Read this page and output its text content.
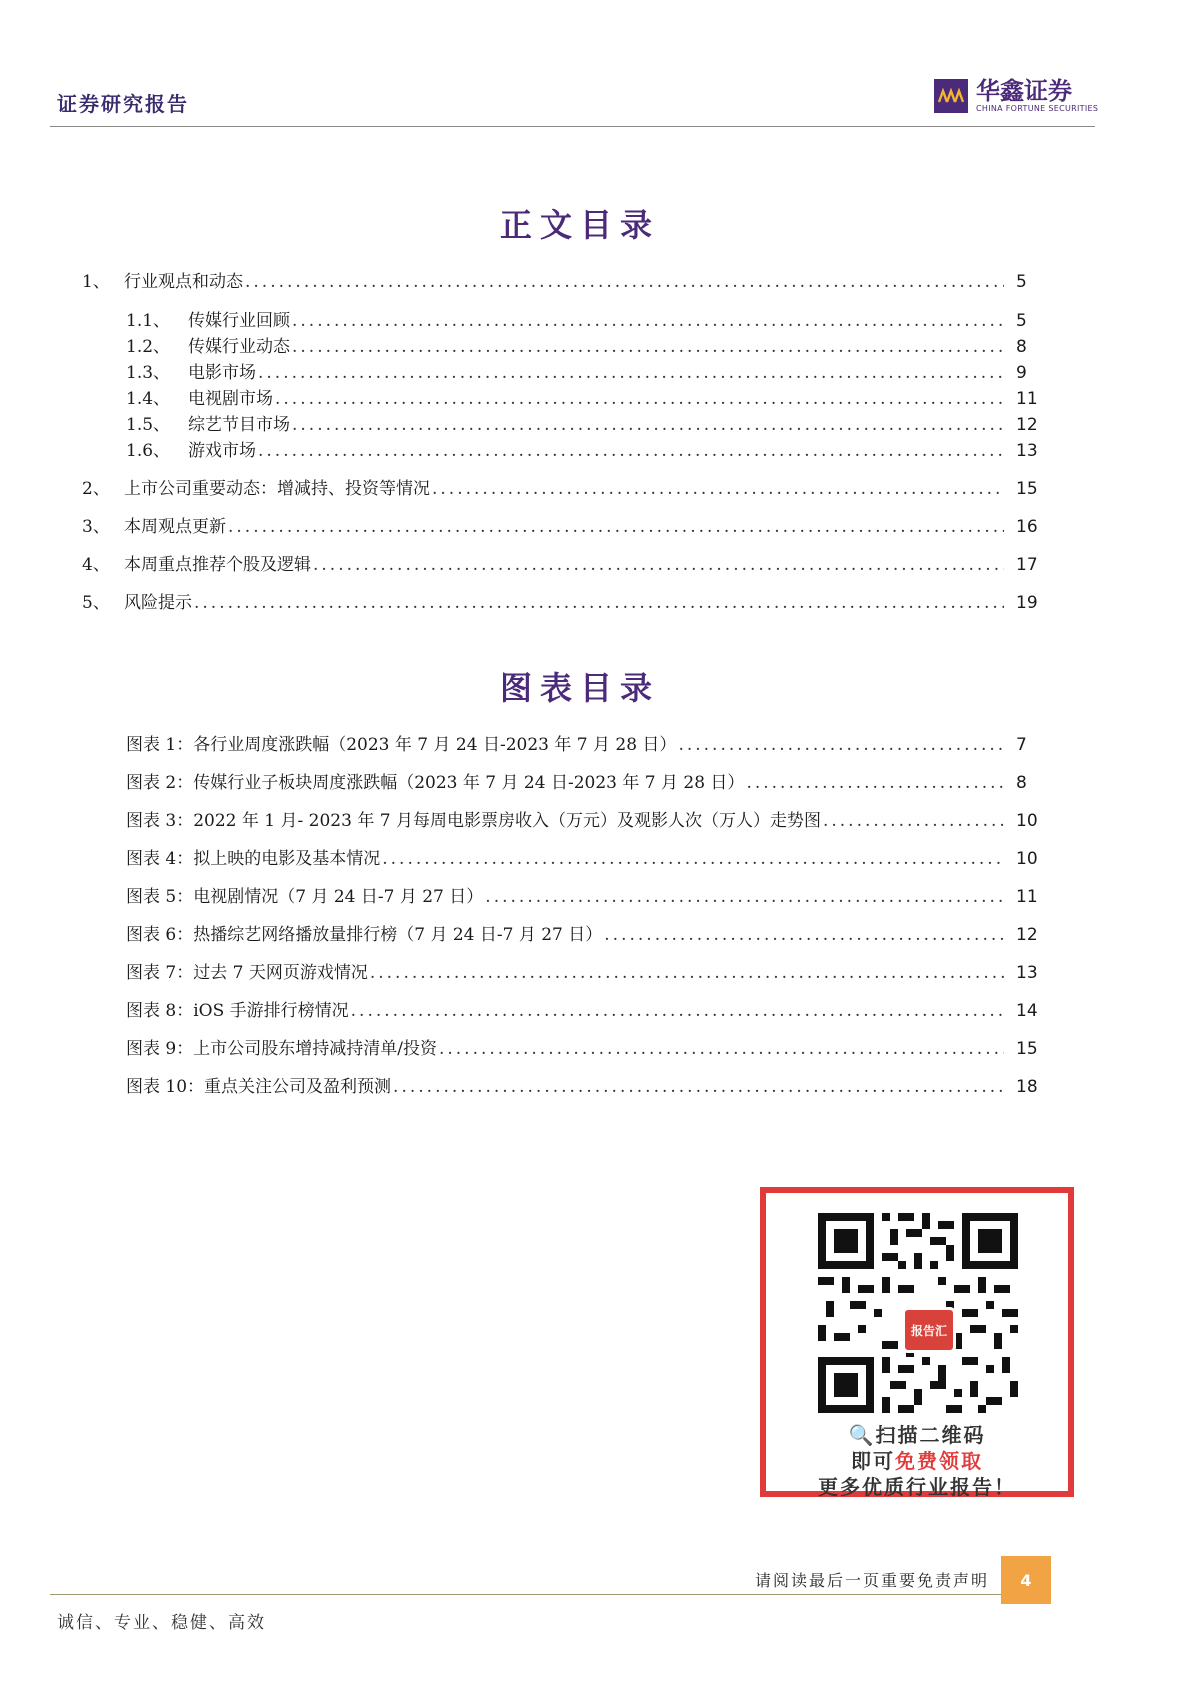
证券研究报告	华鑫证券
CHINA FORTUNE SECURITIES
正文目录
1、 行业观点和动态 .....	5
1.1、	传媒行业回顾 .....	5
1.2、	传媒行业动态 .....	8
1.3、	电影市场 .....	9
1.4、	电视剧市场 .....	11
1.5、	综艺节目市场 .....	12
1.6、	游戏市场 .....	13
2、 上市公司重要动态：增减持、投资等情况 .....	15
3、 本周观点更新 .....	16
4、 本周重点推荐个股及逻辑 .....	17
5、 风险提示 .....	19
图表目录
图表 1：各行业周度涨跌幅（2023 年 7 月 24 日-2023 年 7 月 28 日） .....	7
图表 2：传媒行业子板块周度涨跌幅（2023 年 7 月 24 日-2023 年 7 月 28 日） .....	8
图表 3：2022 年 1 月- 2023 年 7 月每周电影票房收入（万元）及观影人次（万人）走势图 .....	10
图表 4：拟上映的电影及基本情况 .....	10
图表 5：电视剧情况（7 月 24 日-7 月 27 日） .....	11
图表 6：热播综艺网络播放量排行榜（7 月 24 日-7 月 27 日） .....	12
图表 7：过去 7 天网页游戏情况 .....	13
图表 8：iOS 手游排行榜情况 .....	14
图表 9：上市公司股东增持减持清单/投资 .....	15
图表 10：重点关注公司及盈利预测 .....	18
报告汇
🔍扫描二维码
即可免费领取
更多优质行业报告！
请阅读最后一页重要免责声明	4
诚信、专业、稳健、高效
